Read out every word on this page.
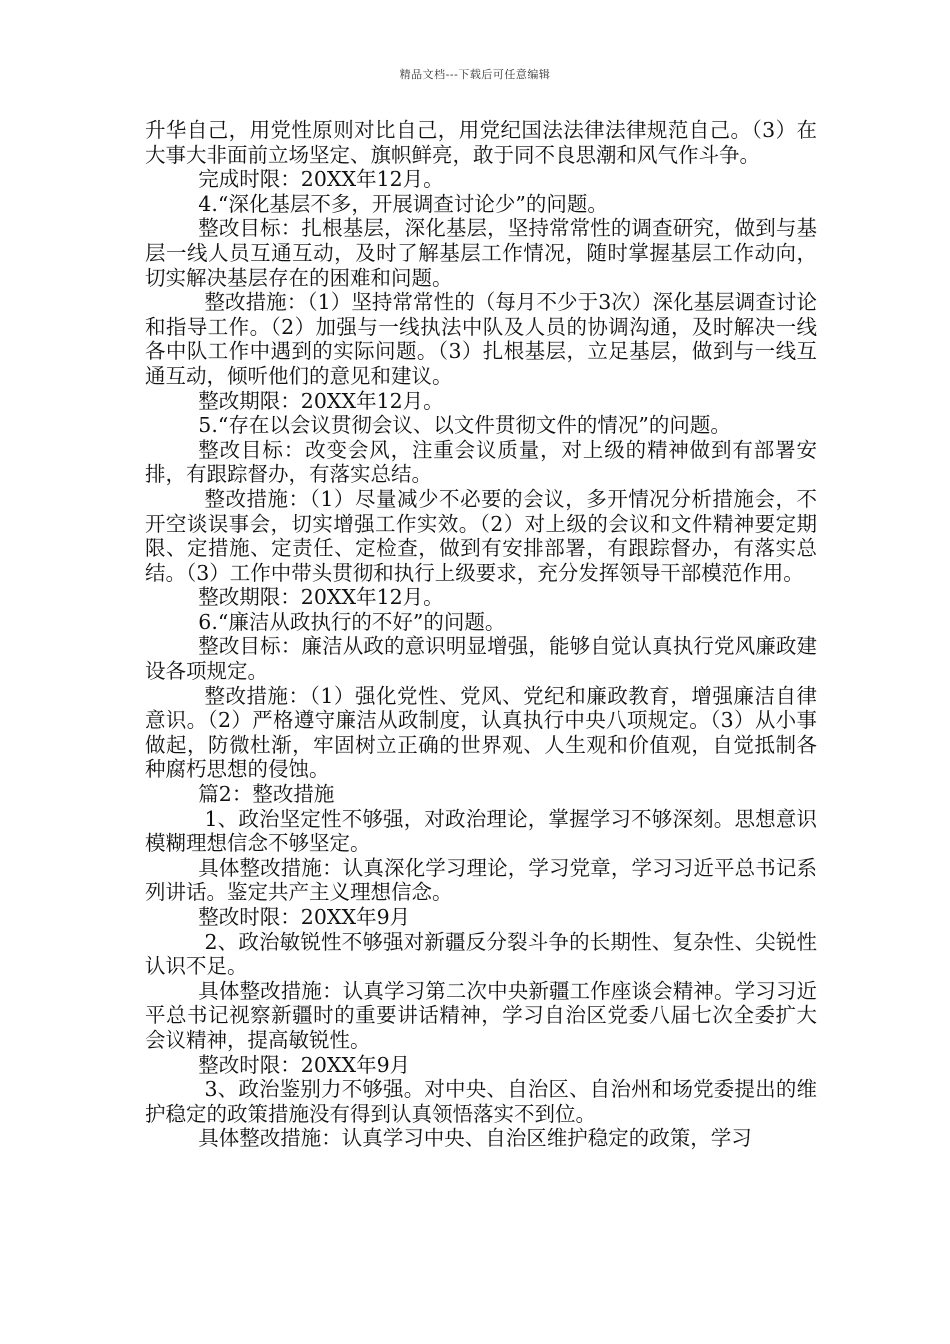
精品文档---下载后可任意编辑

升华自己，用党性原则对比自己，用党纪国法法律法律规范自己。（3）在大事大非面前立场坚定、旗帜鲜亮，敢于同不良思潮和风气作斗争。

完成时限：20XX年12月。

4.“深化基层不多，开展调查讨论少”的问题。

整改目标：扎根基层，深化基层，坚持常常性的调查研究，做到与基层一线人员互通互动，及时了解基层工作情况，随时掌握基层工作动向，切实解决基层存在的困难和问题。

整改措施：（1）坚持常常性的（每月不少于3次）深化基层调查讨论和指导工作。（2）加强与一线执法中队及人员的协调沟通，及时解决一线各中队工作中遇到的实际问题。（3）扎根基层，立足基层，做到与一线互通互动，倾听他们的意见和建议。

整改期限：20XX年12月。

5.“存在以会议贯彻会议、以文件贯彻文件的情况”的问题。

整改目标：改变会风，注重会议质量，对上级的精神做到有部署安排，有跟踪督办，有落实总结。

整改措施：（1）尽量减少不必要的会议，多开情况分析措施会，不开空谈误事会，切实增强工作实效。（2）对上级的会议和文件精神要定期限、定措施、定责任、定检查，做到有安排部署，有跟踪督办，有落实总结。（3）工作中带头贯彻和执行上级要求，充分发挥领导干部模范作用。

整改期限：20XX年12月。

6.“廉洁从政执行的不好”的问题。

整改目标：廉洁从政的意识明显增强，能够自觉认真执行党风廉政建设各项规定。

整改措施：（1）强化党性、党风、党纪和廉政教育，增强廉洁自律意识。（2）严格遵守廉洁从政制度，认真执行中央八项规定。（3）从小事做起，防微杜渐，牢固树立正确的世界观、人生观和价值观，自觉抵制各种腐朽思想的侵蚀。

篇2：整改措施

1、政治坚定性不够强，对政治理论，掌握学习不够深刻。思想意识模糊理想信念不够坚定。

具体整改措施：认真深化学习理论，学习党章，学习习近平总书记系列讲话。鉴定共产主义理想信念。

整改时限：20XX年9月

2、政治敏锐性不够强对新疆反分裂斗争的长期性、复杂性、尖锐性认识不足。

具体整改措施：认真学习第二次中央新疆工作座谈会精神。学习习近平总书记视察新疆时的重要讲话精神，学习自治区党委八届七次全委扩大会议精神，提高敏锐性。

整改时限：20XX年9月

3、政治鉴别力不够强。对中央、自治区、自治州和场党委提出的维护稳定的政策措施没有得到认真领悟落实不到位。

具体整改措施：认真学习中央、自治区维护稳定的政策，学习
